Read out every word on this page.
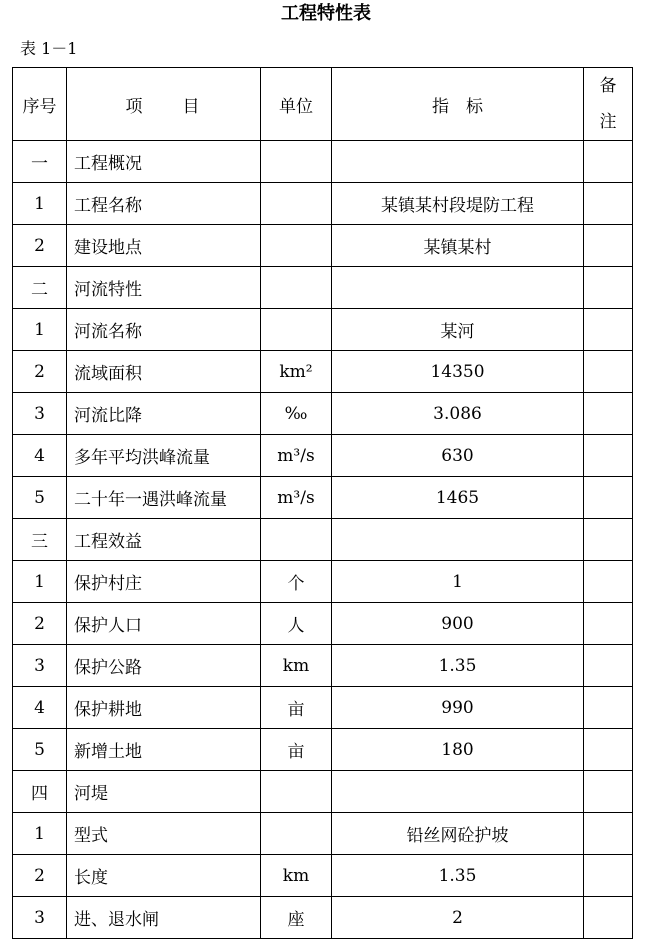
工程特性表
表 1－1
序号	项　　目	单位	指　标	备
注
一	工程概况			
1	工程名称		某镇某村段堤防工程	
2	建设地点		某镇某村	
二	河流特性			
1	河流名称		某河	
2	流域面积	km²	14350	
3	河流比降	‰	3.086	
4	多年平均洪峰流量	m³/s	630	
5	二十年一遇洪峰流量	m³/s	1465	
三	工程效益			
1	保护村庄	个	1	
2	保护人口	人	900	
3	保护公路	km	1.35	
4	保护耕地	亩	990	
5	新增土地	亩	180	
四	河堤			
1	型式		铅丝网砼护坡	
2	长度	km	1.35	
3	进、退水闸	座	2	
